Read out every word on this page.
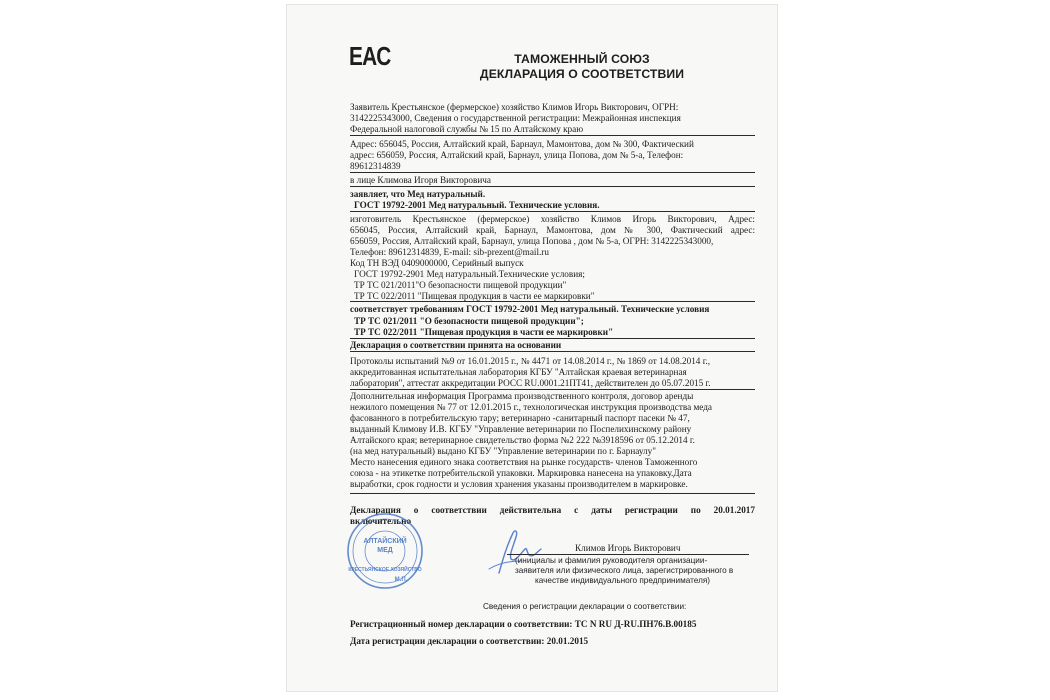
EAC	ТАМОЖЕННЫЙ СОЮЗ
ДЕКЛАРАЦИЯ О СООТВЕТСТВИИ
Заявитель Крестьянское (фермерское) хозяйство Климов Игорь Викторович, ОГРН:
3142225343000, Сведения о государственной регистрации: Межрайонная инспекция
Федеральной налоговой службы № 15 по Алтайскому краю
Адрес: 656045, Россия, Алтайский край, Барнаул, Мамонтова, дом № 300, Фактический
адрес: 656059, Россия, Алтайский край, Барнаул, улица Попова, дом № 5-а, Телефон:
89612314839
в лице Климова Игоря Викторовича
заявляет, что Мед натуральный.
ГОСТ 19792-2001 Мед натуральный. Технические условия.
изготовитель Крестьянское (фермерское) хозяйство Климов Игорь Викторович, Адрес:
656045, Россия, Алтайский край, Барнаул, Мамонтова, дом № 300, Фактический адрес:
656059, Россия, Алтайский край, Барнаул, улица Попова , дом № 5-а, ОГРН: 3142225343000,
Телефон: 89612314839, E-mail: sib-prezent@mail.ru
Код ТН ВЭД 0409000000, Серийный выпуск
ГОСТ 19792-2901 Мед натуральный.Технические условия;
ТР ТС 021/2011"О безопасности пищевой продукции"
ТР ТС 022/2011 "Пищевая продукция в части ее маркировки"
соответствует требованиям ГОСТ 19792-2001 Мед натуральный. Технические условия
ТР ТС 021/2011 "О безопасности пищевой продукции";
ТР ТС 022/2011 "Пищевая продукция в части ее маркировки"
Декларация о соответствии принята на основании
Протоколы испытаний №9 от 16.01.2015 г., № 4471 от 14.08.2014 г., № 1869 от 14.08.2014 г.,
аккредитованная испытательная лаборатория КГБУ "Алтайская краевая ветеринарная
лаборатория", аттестат аккредитации РОСС RU.0001.21ПТ41, действителен до 05.07.2015 г.
Дополнительная информация Программа производственного контроля, договор аренды
нежилого помещения № 77 от 12.01.2015 г., технологическая инструкция производства меда
фасованного в потребительскую тару; ветеринарно -санитарный паспорт пасеки № 47,
выданный Климову И.В. КГБУ "Управление ветеринарии по Поспелихинскому району
Алтайского края; ветеринарное свидетельство форма №2 222 №3918596 от 05.12.2014 г.
(на мед натуральный) выдано КГБУ "Управление ветеринарии по г. Барнаулу"
Место нанесения единого знака соответствия на рынке государств- членов Таможенного
союза - на этикетке потребительской упаковки. Маркировка нанесена на упаковку.Дата
выработки, срок годности и условия хранения указаны производителем в маркировке.
Декларация о соответствии действительна с даты регистрации по 20.01.2017
включительно
АЛТАЙСКИЙ
МЕД
КРЕСТЬЯНСКОЕ ХОЗЯЙСТВО
М.П.
Климов Игорь Викторович
(инициалы и фамилия руководителя организации-
заявителя или физического лица, зарегистрированного в
качестве индивидуального предпринимателя)
Сведения о регистрации декларации о соответствии:
Регистрационный номер декларации о соответствии: ТС N RU Д-RU.ПН76.В.00185
Дата регистрации декларации о соответствии: 20.01.2015
